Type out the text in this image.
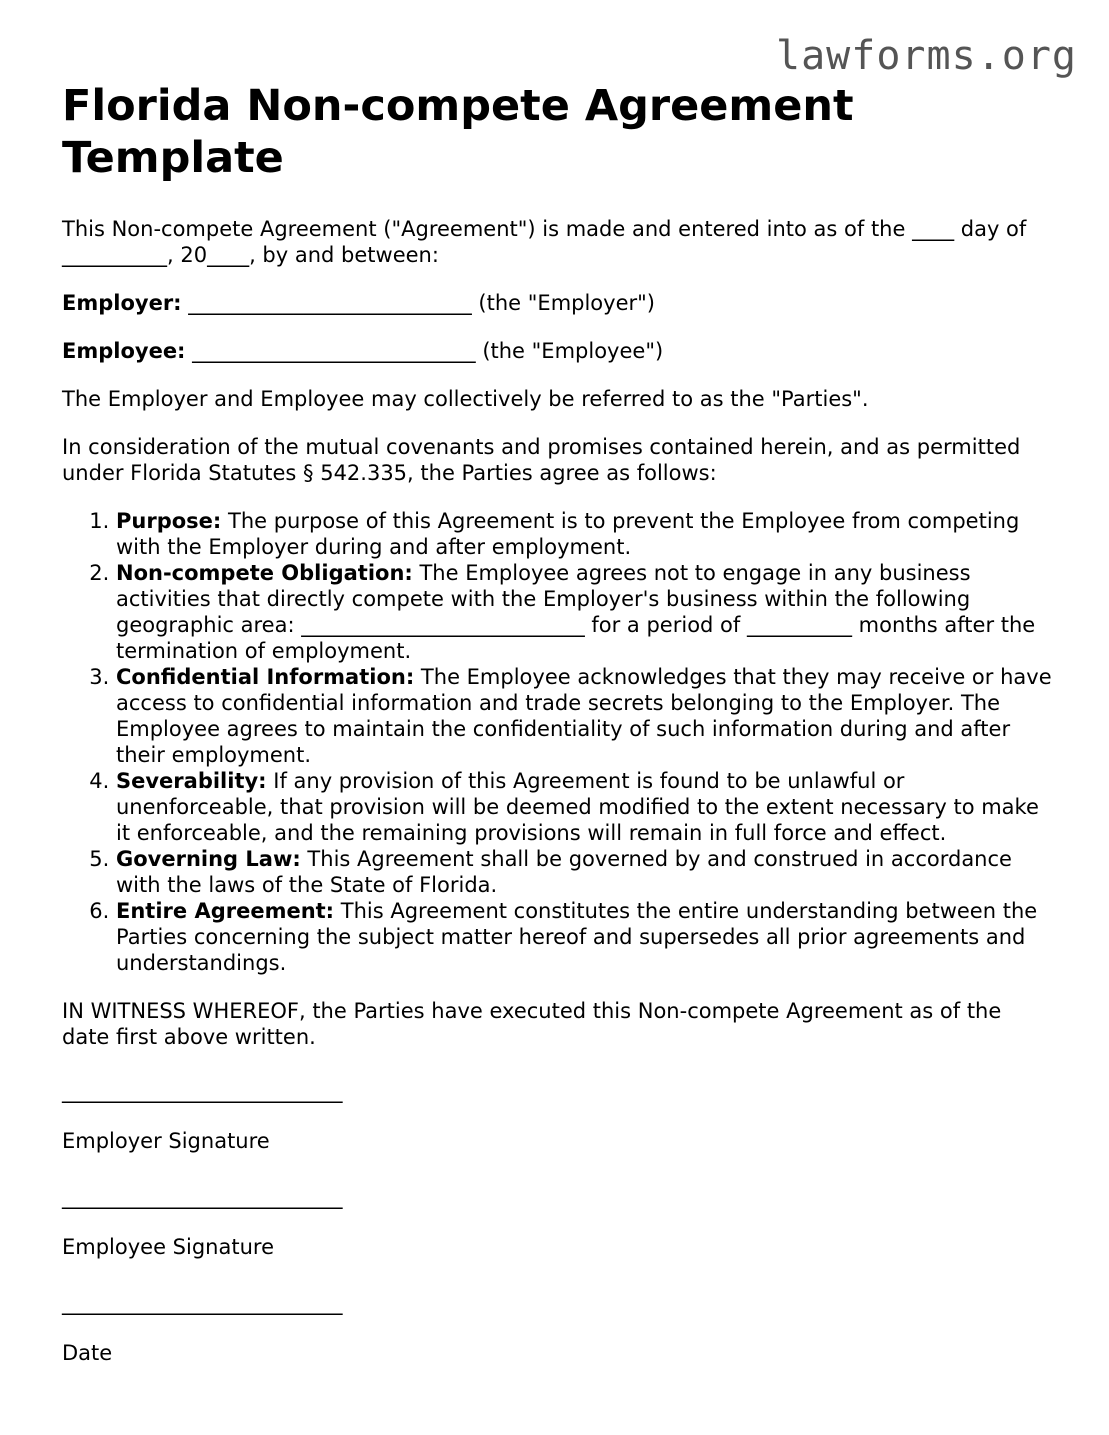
lawforms.org
Florida Non-compete Agreement Template

This Non-compete Agreement ("Agreement") is made and entered into as of the ____ day of __________, 20____, by and between:

Employer: ___________________________ (the "Employer")

Employee: ___________________________ (the "Employee")

The Employer and Employee may collectively be referred to as the "Parties".

In consideration of the mutual covenants and promises contained herein, and as permitted under Florida Statutes § 542.335, the Parties agree as follows:

1. Purpose: The purpose of this Agreement is to prevent the Employee from competing with the Employer during and after employment.
2. Non-compete Obligation: The Employee agrees not to engage in any business activities that directly compete with the Employer's business within the following geographic area: ___________________________ for a period of __________ months after the termination of employment.
3. Confidential Information: The Employee acknowledges that they may receive or have access to confidential information and trade secrets belonging to the Employer. The Employee agrees to maintain the confidentiality of such information during and after their employment.
4. Severability: If any provision of this Agreement is found to be unlawful or unenforceable, that provision will be deemed modified to the extent necessary to make it enforceable, and the remaining provisions will remain in full force and effect.
5. Governing Law: This Agreement shall be governed by and construed in accordance with the laws of the State of Florida.
6. Entire Agreement: This Agreement constitutes the entire understanding between the Parties concerning the subject matter hereof and supersedes all prior agreements and understandings.

IN WITNESS WHEREOF, the Parties have executed this Non-compete Agreement as of the date first above written.

____________________________
Employer Signature
____________________________
Employee Signature
____________________________
Date
